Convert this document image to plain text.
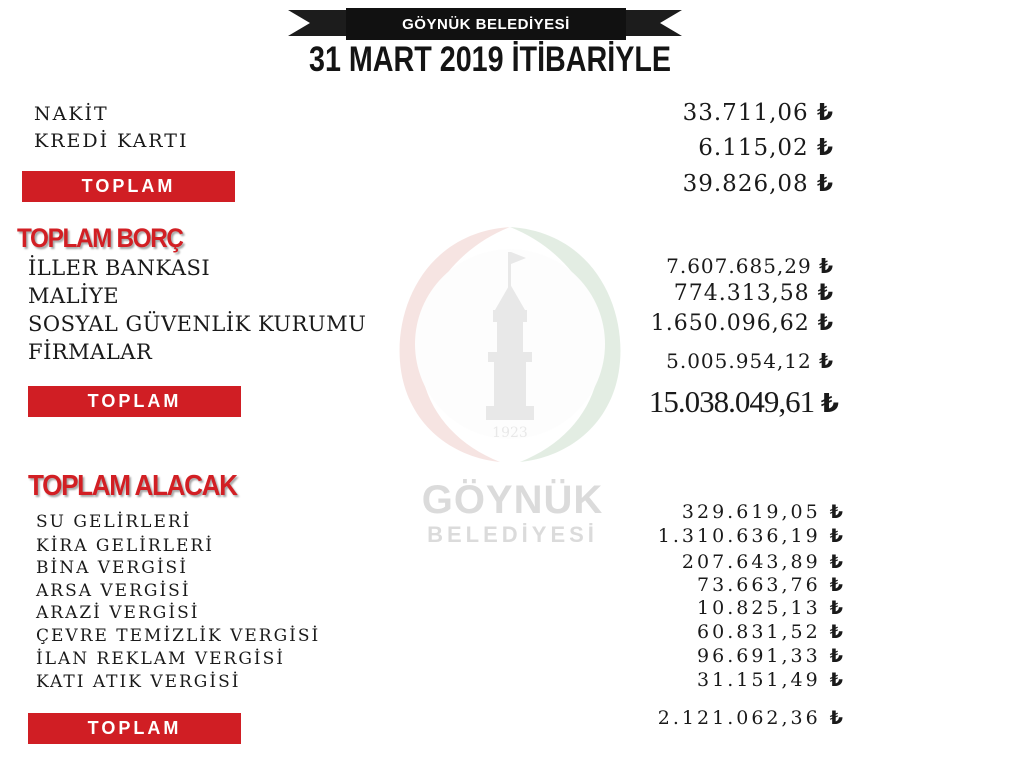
GÖYNÜK BELEDİYESİ
31 MART 2019 İTİBARİYLE
1923
GÖYNÜK
BELEDİYESİ
NAKİT	33.711,06 ₺
KREDİ KARTI	6.115,02 ₺
TOPLAM	39.826,08 ₺
TOPLAM BORÇ
İLLER BANKASI	7.607.685,29 ₺
MALİYE	774.313,58 ₺
SOSYAL GÜVENLİK KURUMU	1.650.096,62 ₺
FİRMALAR	5.005.954,12 ₺
TOPLAM	15.038.049,61 ₺
TOPLAM ALACAK
SU GELİRLERİ	329.619,05 ₺
KİRA GELİRLERİ	1.310.636,19 ₺
BİNA VERGİSİ	207.643,89 ₺
ARSA VERGİSİ	73.663,76 ₺
ARAZİ VERGİSİ	10.825,13 ₺
ÇEVRE TEMİZLİK VERGİSİ	60.831,52 ₺
İLAN REKLAM VERGİSİ	96.691,33 ₺
KATI ATIK VERGİSİ	31.151,49 ₺
TOPLAM	2.121.062,36 ₺
